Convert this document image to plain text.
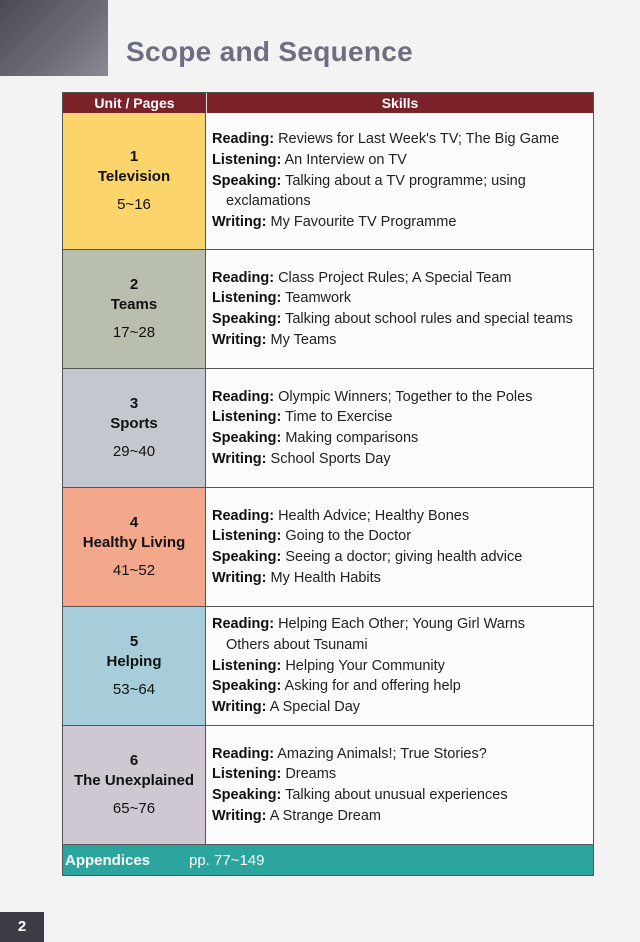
Scope and Sequence
Unit / Pages	Skills
1
Television
5~16
Reading: Reviews for Last Week's TV; The Big Game
Listening: An Interview on TV
Speaking: Talking about a TV programme; using
exclamations
Writing: My Favourite TV Programme
2
Teams
17~28
Reading: Class Project Rules; A Special Team
Listening: Teamwork
Speaking: Talking about school rules and special teams
Writing: My Teams
3
Sports
29~40
Reading: Olympic Winners; Together to the Poles
Listening: Time to Exercise
Speaking: Making comparisons
Writing: School Sports Day
4
Healthy Living
41~52
Reading: Health Advice; Healthy Bones
Listening: Going to the Doctor
Speaking: Seeing a doctor; giving health advice
Writing: My Health Habits
5
Helping
53~64
Reading: Helping Each Other; Young Girl Warns
Others about Tsunami
Listening: Helping Your Community
Speaking: Asking for and offering help
Writing: A Special Day
6
The Unexplained
65~76
Reading: Amazing Animals!; True Stories?
Listening: Dreams
Speaking: Talking about unusual experiences
Writing: A Strange Dream
Appendices	pp. 77~149
2
